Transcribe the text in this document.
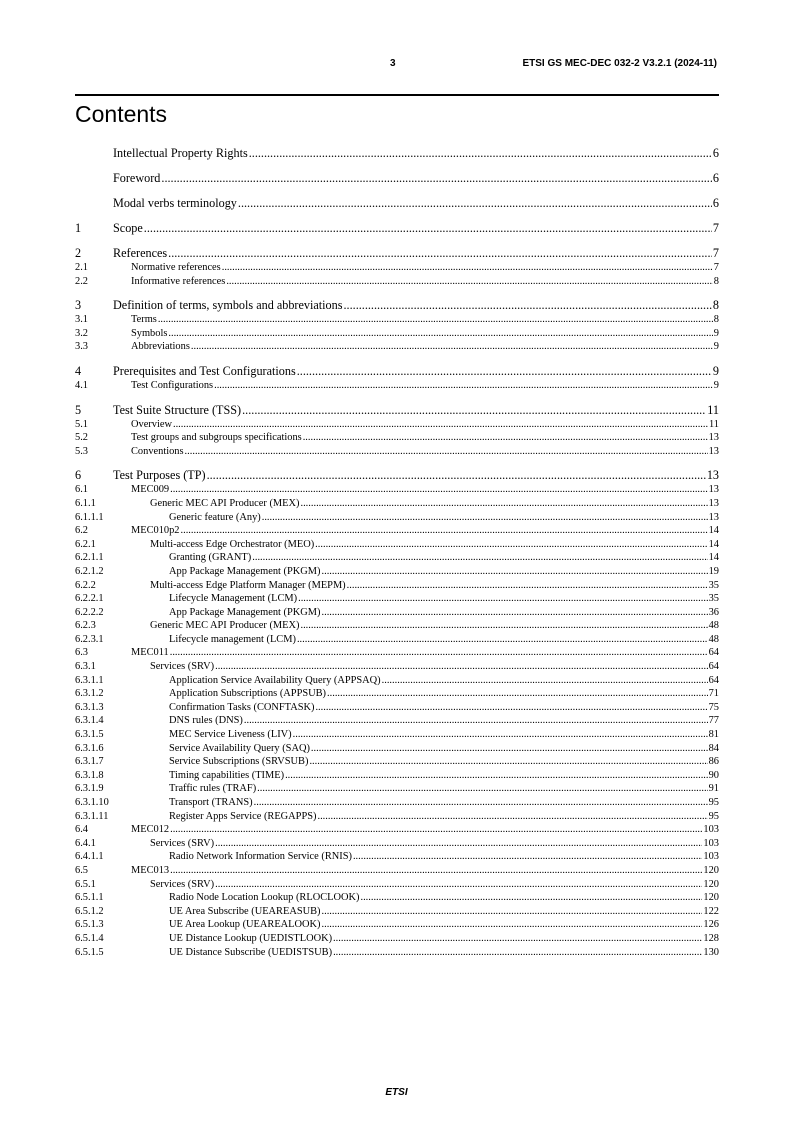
3	ETSI GS MEC-DEC 032-2 V3.2.1 (2024-11)
Contents
Intellectual Property Rights .....	6
Foreword .....	6
Modal verbs terminology .....	6
1	Scope .....	7
2	References .....	7
2.1	Normative references .....	7
2.2	Informative references .....	8
3	Definition of terms, symbols and abbreviations .....	8
3.1	Terms .....	8
3.2	Symbols .....	9
3.3	Abbreviations .....	9
4	Prerequisites and Test Configurations .....	9
4.1	Test Configurations .....	9
5	Test Suite Structure (TSS) .....	11
5.1	Overview .....	11
5.2	Test groups and subgroups specifications .....	13
5.3	Conventions .....	13
6	Test Purposes (TP) .....	13
6.1	MEC009 .....	13
6.1.1	Generic MEC API Producer (MEX) .....	13
6.1.1.1	Generic feature (Any) .....	13
6.2	MEC010p2 .....	14
6.2.1	Multi-access Edge Orchestrator (MEO) .....	14
6.2.1.1	Granting (GRANT) .....	14
6.2.1.2	App Package Management (PKGM) .....	19
6.2.2	Multi-access Edge Platform Manager (MEPM) .....	35
6.2.2.1	Lifecycle Management (LCM) .....	35
6.2.2.2	App Package Management (PKGM) .....	36
6.2.3	Generic MEC API Producer (MEX) .....	48
6.2.3.1	Lifecycle management (LCM) .....	48
6.3	MEC011 .....	64
6.3.1	Services (SRV) .....	64
6.3.1.1	Application Service Availability Query (APPSAQ) .....	64
6.3.1.2	Application Subscriptions (APPSUB) .....	71
6.3.1.3	Confirmation Tasks (CONFTASK) .....	75
6.3.1.4	DNS rules (DNS) .....	77
6.3.1.5	MEC Service Liveness (LIV) .....	81
6.3.1.6	Service Availability Query (SAQ) .....	84
6.3.1.7	Service Subscriptions (SRVSUB) .....	86
6.3.1.8	Timing capabilities (TIME) .....	90
6.3.1.9	Traffic rules (TRAF) .....	91
6.3.1.10	Transport (TRANS) .....	95
6.3.1.11	Register Apps Service (REGAPPS) .....	95
6.4	MEC012 .....	103
6.4.1	Services (SRV) .....	103
6.4.1.1	Radio Network Information Service (RNIS) .....	103
6.5	MEC013 .....	120
6.5.1	Services (SRV) .....	120
6.5.1.1	Radio Node Location Lookup (RLOCLOOK) .....	120
6.5.1.2	UE Area Subscribe (UEAREASUB) .....	122
6.5.1.3	UE Area Lookup (UEAREALOOK) .....	126
6.5.1.4	UE Distance Lookup (UEDISTLOOK) .....	128
6.5.1.5	UE Distance Subscribe (UEDISTSUB) .....	130
ETSI
